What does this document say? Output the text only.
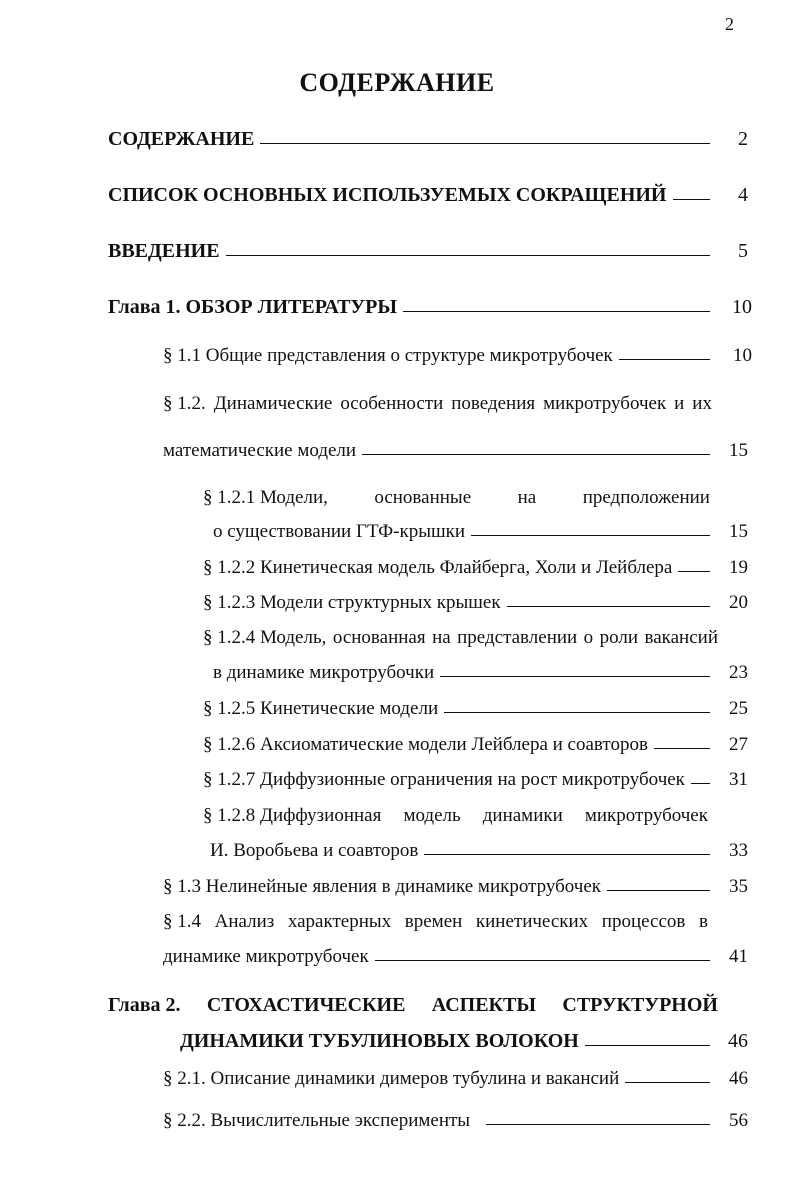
2
СОДЕРЖАНИЕ
СОДЕРЖАНИЕ	2
СПИСОК ОСНОВНЫХ ИСПОЛЬЗУЕМЫХ СОКРАЩЕНИЙ	4
ВВЕДЕНИЕ	5
Глава 1. ОБЗОР ЛИТЕРАТУРЫ	10
§ 1.1 Общие представления о структуре микротрубочек	10
§ 1.2. Динамические особенности поведения микротрубочек и их
математические модели	15
§ 1.2.1 Модели, основанные на предположении
о существовании ГТФ-крышки	15
§ 1.2.2 Кинетическая модель Флайберга, Холи и Лейблера	19
§ 1.2.3 Модели структурных крышек	20
§ 1.2.4 Модель, основанная на представлении о роли вакансий
в динамике микротрубочки	23
§ 1.2.5 Кинетические модели	25
§ 1.2.6 Аксиоматические модели Лейблера и соавторов	27
§ 1.2.7 Диффузионные ограничения на рост микротрубочек	31
§ 1.2.8 Диффузионная модель динамики микротрубочек
И. Воробьева и соавторов	33
§ 1.3 Нелинейные явления в динамике микротрубочек	35
§ 1.4 Анализ характерных времен кинетических процессов в
динамике микротрубочек	41
Глава 2. СТОХАСТИЧЕСКИЕ АСПЕКТЫ СТРУКТУРНОЙ
ДИНАМИКИ ТУБУЛИНОВЫХ ВОЛОКОН	46
§ 2.1. Описание динамики димеров тубулина и вакансий	46
§ 2.2. Вычислительные эксперименты	56
